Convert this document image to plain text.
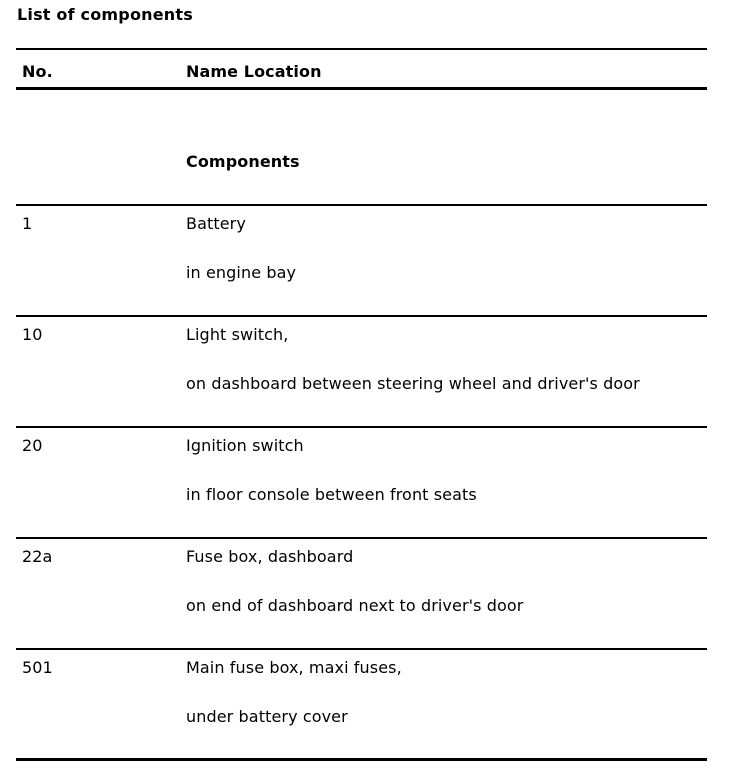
List of components
No.	Name Location
Components
1	Battery
in engine bay
10	Light switch,
on dashboard between steering wheel and driver's door
20	Ignition switch
in floor console between front seats
22a	Fuse box, dashboard
on end of dashboard next to driver's door
501	Main fuse box, maxi fuses,
under battery cover
